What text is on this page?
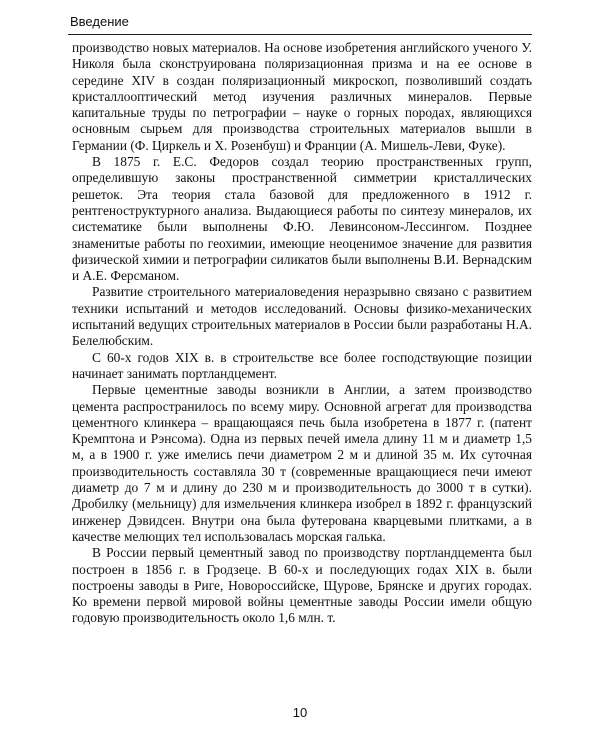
Введение

производство новых материалов. На основе изобретения английского ученого У. Николя была сконструирована поляризационная призма и на ее основе в середине XIV в создан поляризационный микроскоп, позволивший создать кристаллооптический метод изучения различных минералов. Первые капитальные труды по петрографии – науке о горных породах, являющихся основным сырьем для производства строительных материалов вышли в Германии (Ф. Циркель и Х. Розенбуш) и Франции (А. Мишель-Леви, Фуке).

В 1875 г. Е.С. Федоров создал теорию пространственных групп, определившую законы пространственной симметрии кристаллических решеток. Эта теория стала базовой для предложенного в 1912 г. рентгеноструктурного анализа. Выдающиеся работы по синтезу минералов, их систематике были выполнены Ф.Ю. Левинсоном-Лессингом. Позднее знаменитые работы по геохимии, имеющие неоценимое значение для развития физической химии и петрографии силикатов были выполнены В.И. Вернадским и А.Е. Ферсманом.

Развитие строительного материаловедения неразрывно связано с развитием техники испытаний и методов исследований. Основы физико-механических испытаний ведущих строительных материалов в России были разработаны Н.А. Белелюбским.

С 60-х годов XIX в. в строительстве все более господствующие позиции начинает занимать портландцемент.

Первые цементные заводы возникли в Англии, а затем производство цемента распространилось по всему миру. Основной агрегат для производства цементного клинкера – вращающаяся печь была изобретена в 1877 г. (патент Кремптона и Рэнсома). Одна из первых печей имела длину 11 м и диаметр 1,5 м, а в 1900 г. уже имелись печи диаметром 2 м и длиной 35 м. Их суточная производительность составляла 30 т (современные вращающиеся печи имеют диаметр до 7 м и длину до 230 м и производительность до 3000 т в сутки). Дробилку (мельницу) для измельчения клинкера изобрел в 1892 г. французский инженер Дэвидсен. Внутри она была футерована кварцевыми плитками, а в качестве мелющих тел использовалась морская галька.

В России первый цементный завод по производству портландцемента был построен в 1856 г. в Гродзеце. В 60-х и последующих годах XIX в. были построены заводы в Риге, Новороссийске, Щурове, Брянске и других городах. Ко времени первой мировой войны цементные заводы России имели общую годовую производительность около 1,6 млн. т.

10
